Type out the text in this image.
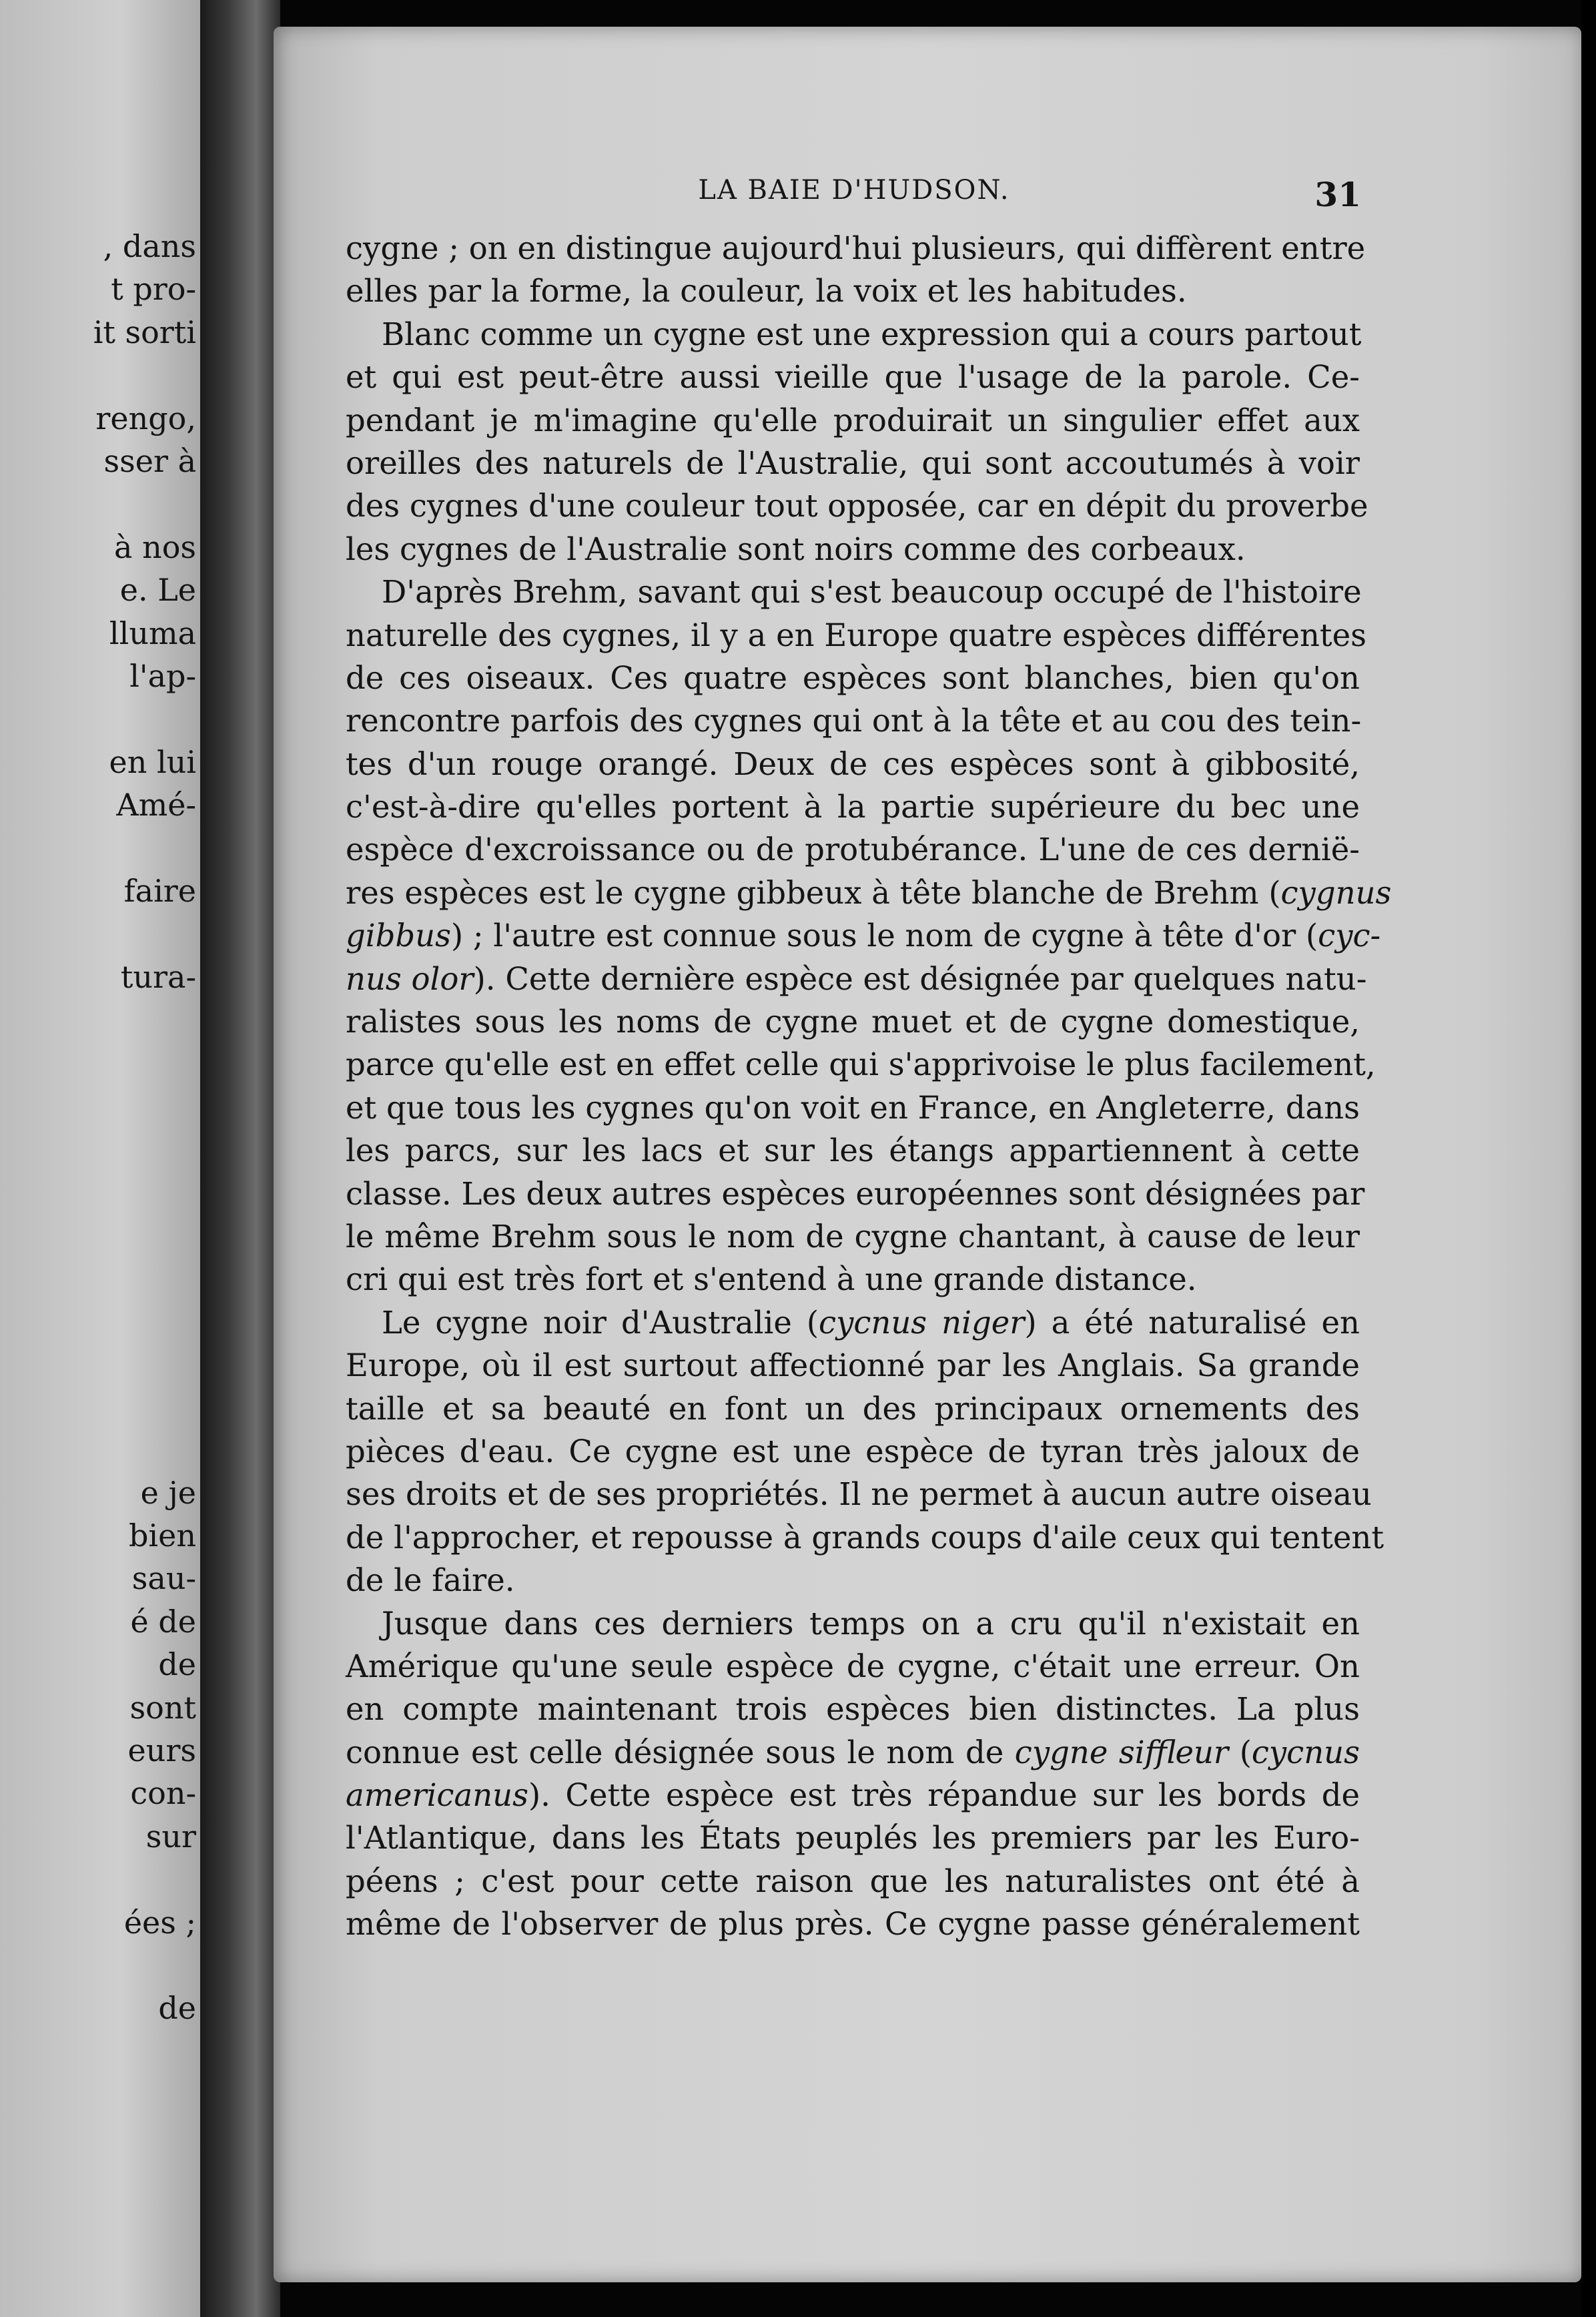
, dans
t pro-
it sorti
rengo,
sser à
à nos
e. Le
lluma
l'ap-
en lui
Amé-
faire
tura-
e je
bien
sau-
é de
de
sont
eurs
con-
sur
ées ;
de
LA BAIE D'HUDSON.	31
cygne ; on en distingue aujourd'hui plusieurs, qui diffèrent entre
elles par la forme, la couleur, la voix et les habitudes.
Blanc comme un cygne est une expression qui a cours partout
et qui est peut-être aussi vieille que l'usage de la parole. Ce-
pendant je m'imagine qu'elle produirait un singulier effet aux
oreilles des naturels de l'Australie, qui sont accoutumés à voir
des cygnes d'une couleur tout opposée, car en dépit du proverbe
les cygnes de l'Australie sont noirs comme des corbeaux.
D'après Brehm, savant qui s'est beaucoup occupé de l'histoire
naturelle des cygnes, il y a en Europe quatre espèces différentes
de ces oiseaux. Ces quatre espèces sont blanches, bien qu'on
rencontre parfois des cygnes qui ont à la tête et au cou des tein-
tes d'un rouge orangé. Deux de ces espèces sont à gibbosité,
c'est-à-dire qu'elles portent à la partie supérieure du bec une
espèce d'excroissance ou de protubérance. L'une de ces dernië-
res espèces est le cygne gibbeux à tête blanche de Brehm (cygnus
gibbus) ; l'autre est connue sous le nom de cygne à tête d'or (cyc-
nus olor). Cette dernière espèce est désignée par quelques natu-
ralistes sous les noms de cygne muet et de cygne domestique,
parce qu'elle est en effet celle qui s'apprivoise le plus facilement,
et que tous les cygnes qu'on voit en France, en Angleterre, dans
les parcs, sur les lacs et sur les étangs appartiennent à cette
classe. Les deux autres espèces européennes sont désignées par
le même Brehm sous le nom de cygne chantant, à cause de leur
cri qui est très fort et s'entend à une grande distance.
Le cygne noir d'Australie (cycnus niger) a été naturalisé en
Europe, où il est surtout affectionné par les Anglais. Sa grande
taille et sa beauté en font un des principaux ornements des
pièces d'eau. Ce cygne est une espèce de tyran très jaloux de
ses droits et de ses propriétés. Il ne permet à aucun autre oiseau
de l'approcher, et repousse à grands coups d'aile ceux qui tentent
de le faire.
Jusque dans ces derniers temps on a cru qu'il n'existait en
Amérique qu'une seule espèce de cygne, c'était une erreur. On
en compte maintenant trois espèces bien distinctes. La plus
connue est celle désignée sous le nom de cygne siffleur (cycnus
americanus). Cette espèce est très répandue sur les bords de
l'Atlantique, dans les États peuplés les premiers par les Euro-
péens ; c'est pour cette raison que les naturalistes ont été à
même de l'observer de plus près. Ce cygne passe généralement
